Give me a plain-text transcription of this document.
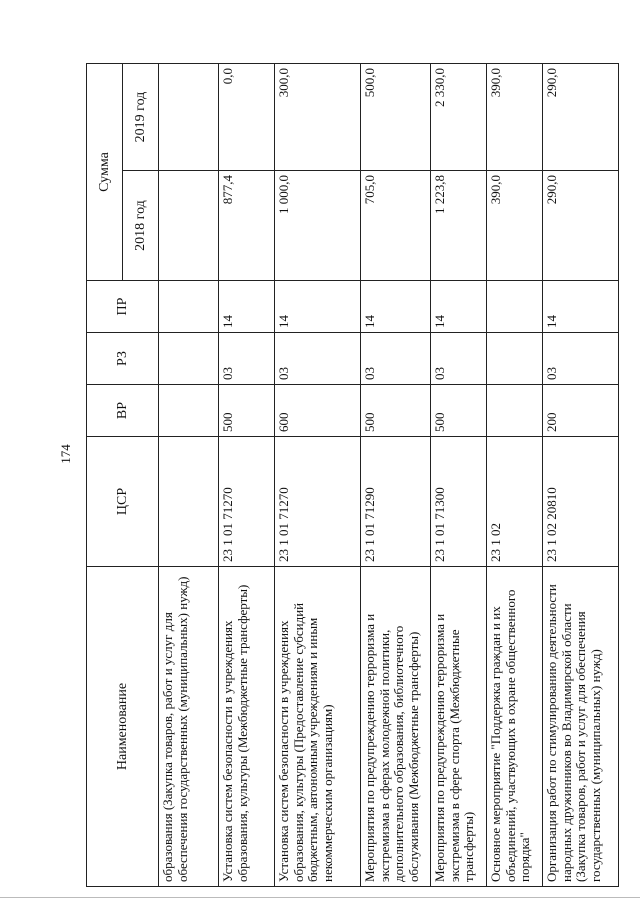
174
Наименование	ЦСР	ВР	РЗ	ПР	Сумма	
					2018 год	2019 год
образования (Закупка товаров, работ и услуг для обеспечения государственных (муниципальных) нужд)						
Установка систем безопасности в учреждениях образования, культуры (Межбюджетные трансферты)	23 1 01 71270	500	03	14	877,4	0,0
Установка систем безопасности в учреждениях образования, культуры (Предоставление субсидий бюджетным, автономным учреждениям и иным некоммерческим организациям)	23 1 01 71270	600	03	14	1 000,0	300,0
Мероприятия по предупреждению терроризма и экстремизма в сферах молодежной политики, дополнительного образования, библиотечного обслуживания (Межбюджетные трансферты)	23 1 01 71290	500	03	14	705,0	500,0
Мероприятия по предупреждению терроризма и экстремизма в сфере спорта (Межбюджетные трансферты)	23 1 01 71300	500	03	14	1 223,8	2 330,0
Основное мероприятие "Поддержка граждан и их объединений, участвующих в охране общественного порядка"	23 1 02				390,0	390,0
Организация работ по стимулированию деятельности народных дружинников во Владимирской области (Закупка товаров, работ и услуг для обеспечения государственных (муниципальных) нужд)	23 1 02 20810	200	03	14	290,0	290,0
